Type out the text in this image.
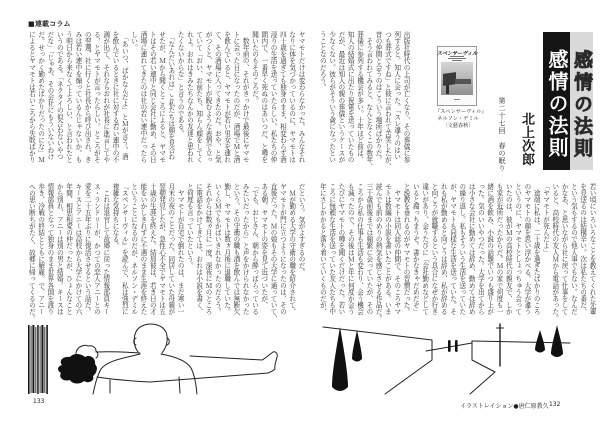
■連載コラム
ヤマモトだけは変わらなかった。みんなそれ
なりに体を気づかっているのに、ヤマモトは
四十歳を過ぎても独身のまま、相変わらず酒
浸りの生活を送っていたらしい。私たちの仲
間内で、一番早く死ぬのはあいつだ、と噂を
聞いたのもそのころだ。
　数年前の、それがきっかけで最後にヤマモ
トに会った日になったのだが、酒場でＭと酒
を飲んでいると、ヤマモトが若い男女を連れ
て、その酒場に入ってきたのだ。おや、と気
がつくと、ヤマモトが睨むような表情で立っ
ていて「おい、お前たち、知らん顔をしてく
れよ。おれはきみたちなんかの友達と思われ
たくないからな」と言うのである。
　「なんだいあれは」と私たちは顔を見合わ
せたが、Ｍから聞くところによると、ヤマモ
トはその若い連中と同じ会社に勤め、その日
酒場に連れてきたのは社の若い連中だったら
しい。
　「あいつ、ばかなんだよ」とＭが言う。酒
を飲んでいるときに社に対する若い連中の不
満が出て、それならおれが社長に進言してや
る、とヤマモトが言ったらしい。ところがそ
の翌週、社に行くと社長から呼び出され、き
みは若い連中を煽っているんじゃないか。も
う明日から来なくてよろしい、と言われたと
いうのである。「ネクタイの似合わないやつ
だな」「じゃあ、その会社にもういないわけ
だ。せっかく勤めたばかりだったのにな」Ｍ
によるとヤマモトは若いころから失敗ばかり
だという。気がよすぎるのだ。
　Ｍが勤める大学の守衛の職を紹介されて、
ヤマモトが門に立つようになったのは、その
直後だった。Ｍの娘もその大学に通っていて、
ある朝、ヤマモトの姿を見て近づいたが、
「でも、おじさん、朝から酔っぱらっている
みたいだったから」と声をかけられなかった
という。その守衛の職も酒を飲んでは無断欠
勤し、ヤマモトは数ヵ月後に退職していた。
いくらＭでもかばいきれなかったのだろう。
それからは数ヵ月に一度、深夜にＭのところ
に電話をかけてきては、おれは小説を書く、
と何度も言っていたという。
　ヤマモトが自宅で倒れたのは、まだ寒い一
月末の夜のことだった。同居していた母親が
翌朝発見したが、急性心不全でヤマモトは五
十歳の生涯を終えた。結局彼は、若き日の才
能をいかしきれずに不遇のまま生涯を終えた
ということになるのだが、ネルソン・デミル
『スペンサーヴィル』を読んで、私は強烈に
複雑な気持ちになる。
　これは退官して故郷に戻った情報部員キー
ス・ランドリーが、かつての恋人アニーとの
愛を二十五年ぶりに復活させるという話だ。
キースとアニーは高校から大学にかけての六
年間、相思相愛の仲だったが、ひょんなこと
から別れ、アニーは別の男と結婚。キースは
情報部員となって独身のまま世界各国を渡り
歩き、冷戦の終結とともに解雇。で、アニー
への思い断ちがたく、故郷に帰ってくるのだ。
133
感情の法則
感情の法則
北上次郎
第二十七回　春の眠り
スペンサーヴィル
『スペンサーヴィル』
ネルソン・デミル
〔文藝春秋〕
出版社時代の上司が亡くなり、その葬儀に参
列すると、知人に会った。「スレ違うのはい
つも葬式ですね」と彼に言われて苦笑したが、
昔の仲間と会うのはこういう場所ばかりだ。
　そう言われてみると、なんとなくこの数年、
葬儀に参列する機会が多い。十年ほど前は、
知人の結婚式に出たり祝電を送っていたもの
だが、最近は知人の親の葬儀というケースが
少なくない。彼らがそういう歳になったとい
うことなのだろう。
若い頃にいろいろなことを教えてくれた先輩
を見送るのは結構辛い。次は私たちの番だ、
という気もするので他人事でもない。なんだ
かなあ、と思いながら社に戻って仕事をして
いると、高校時代の友人Ｍから電話があった。
「ヤマモトが死んだよ」
　途端に私は、二十歳を過ぎたばかりのころ
のヤマモトの顔を思い浮かべる。大学が違う
というのに、ヤマモトとしょっちゅう会って
いたのは、彼がＭの高校時代の親友で、しか
も家が近所だったからだ。Ｍの家で何度も一
緒に酒を飲み、小説の話題でいつも盛り上が
った。気のいいやつだった。大学を出てから
は小さな会社に勤めては辞め、勤めては辞め
の繰り返し。私もそういう生活を送っていた
が、ヤマモトも同様な生活を送っていた。そ
れも私が勤めると向こうは辞め、私が辞める
と向こうが就職するという具合になぜか行き
違いがあり、会うたびに「会社勤めなどして
いると腐っちまうぞ。書かなきゃだめだぞ」
と説教を垂れるのがヤマモトの習慣だった。
　ヤマモトは同人誌の仲間で、そのころヤマ
モトは数編の小説を書いたことがある。いま
読んでも前のめりの熱気を感じさせる作品だ。
三十歳前後までは頻繁に会っていたが、その
ころから私の仕事も生活も変わり、会う機会
も減ったので、その後はＭと年に何度か会う
たびにヤマモトの噂を聞くだけだった。若い
ころに無頼な生活を送っていた友人たちも中
年にさしかかると落ち着いていくものだが、
イラストレイション●唐仁原教久 132
